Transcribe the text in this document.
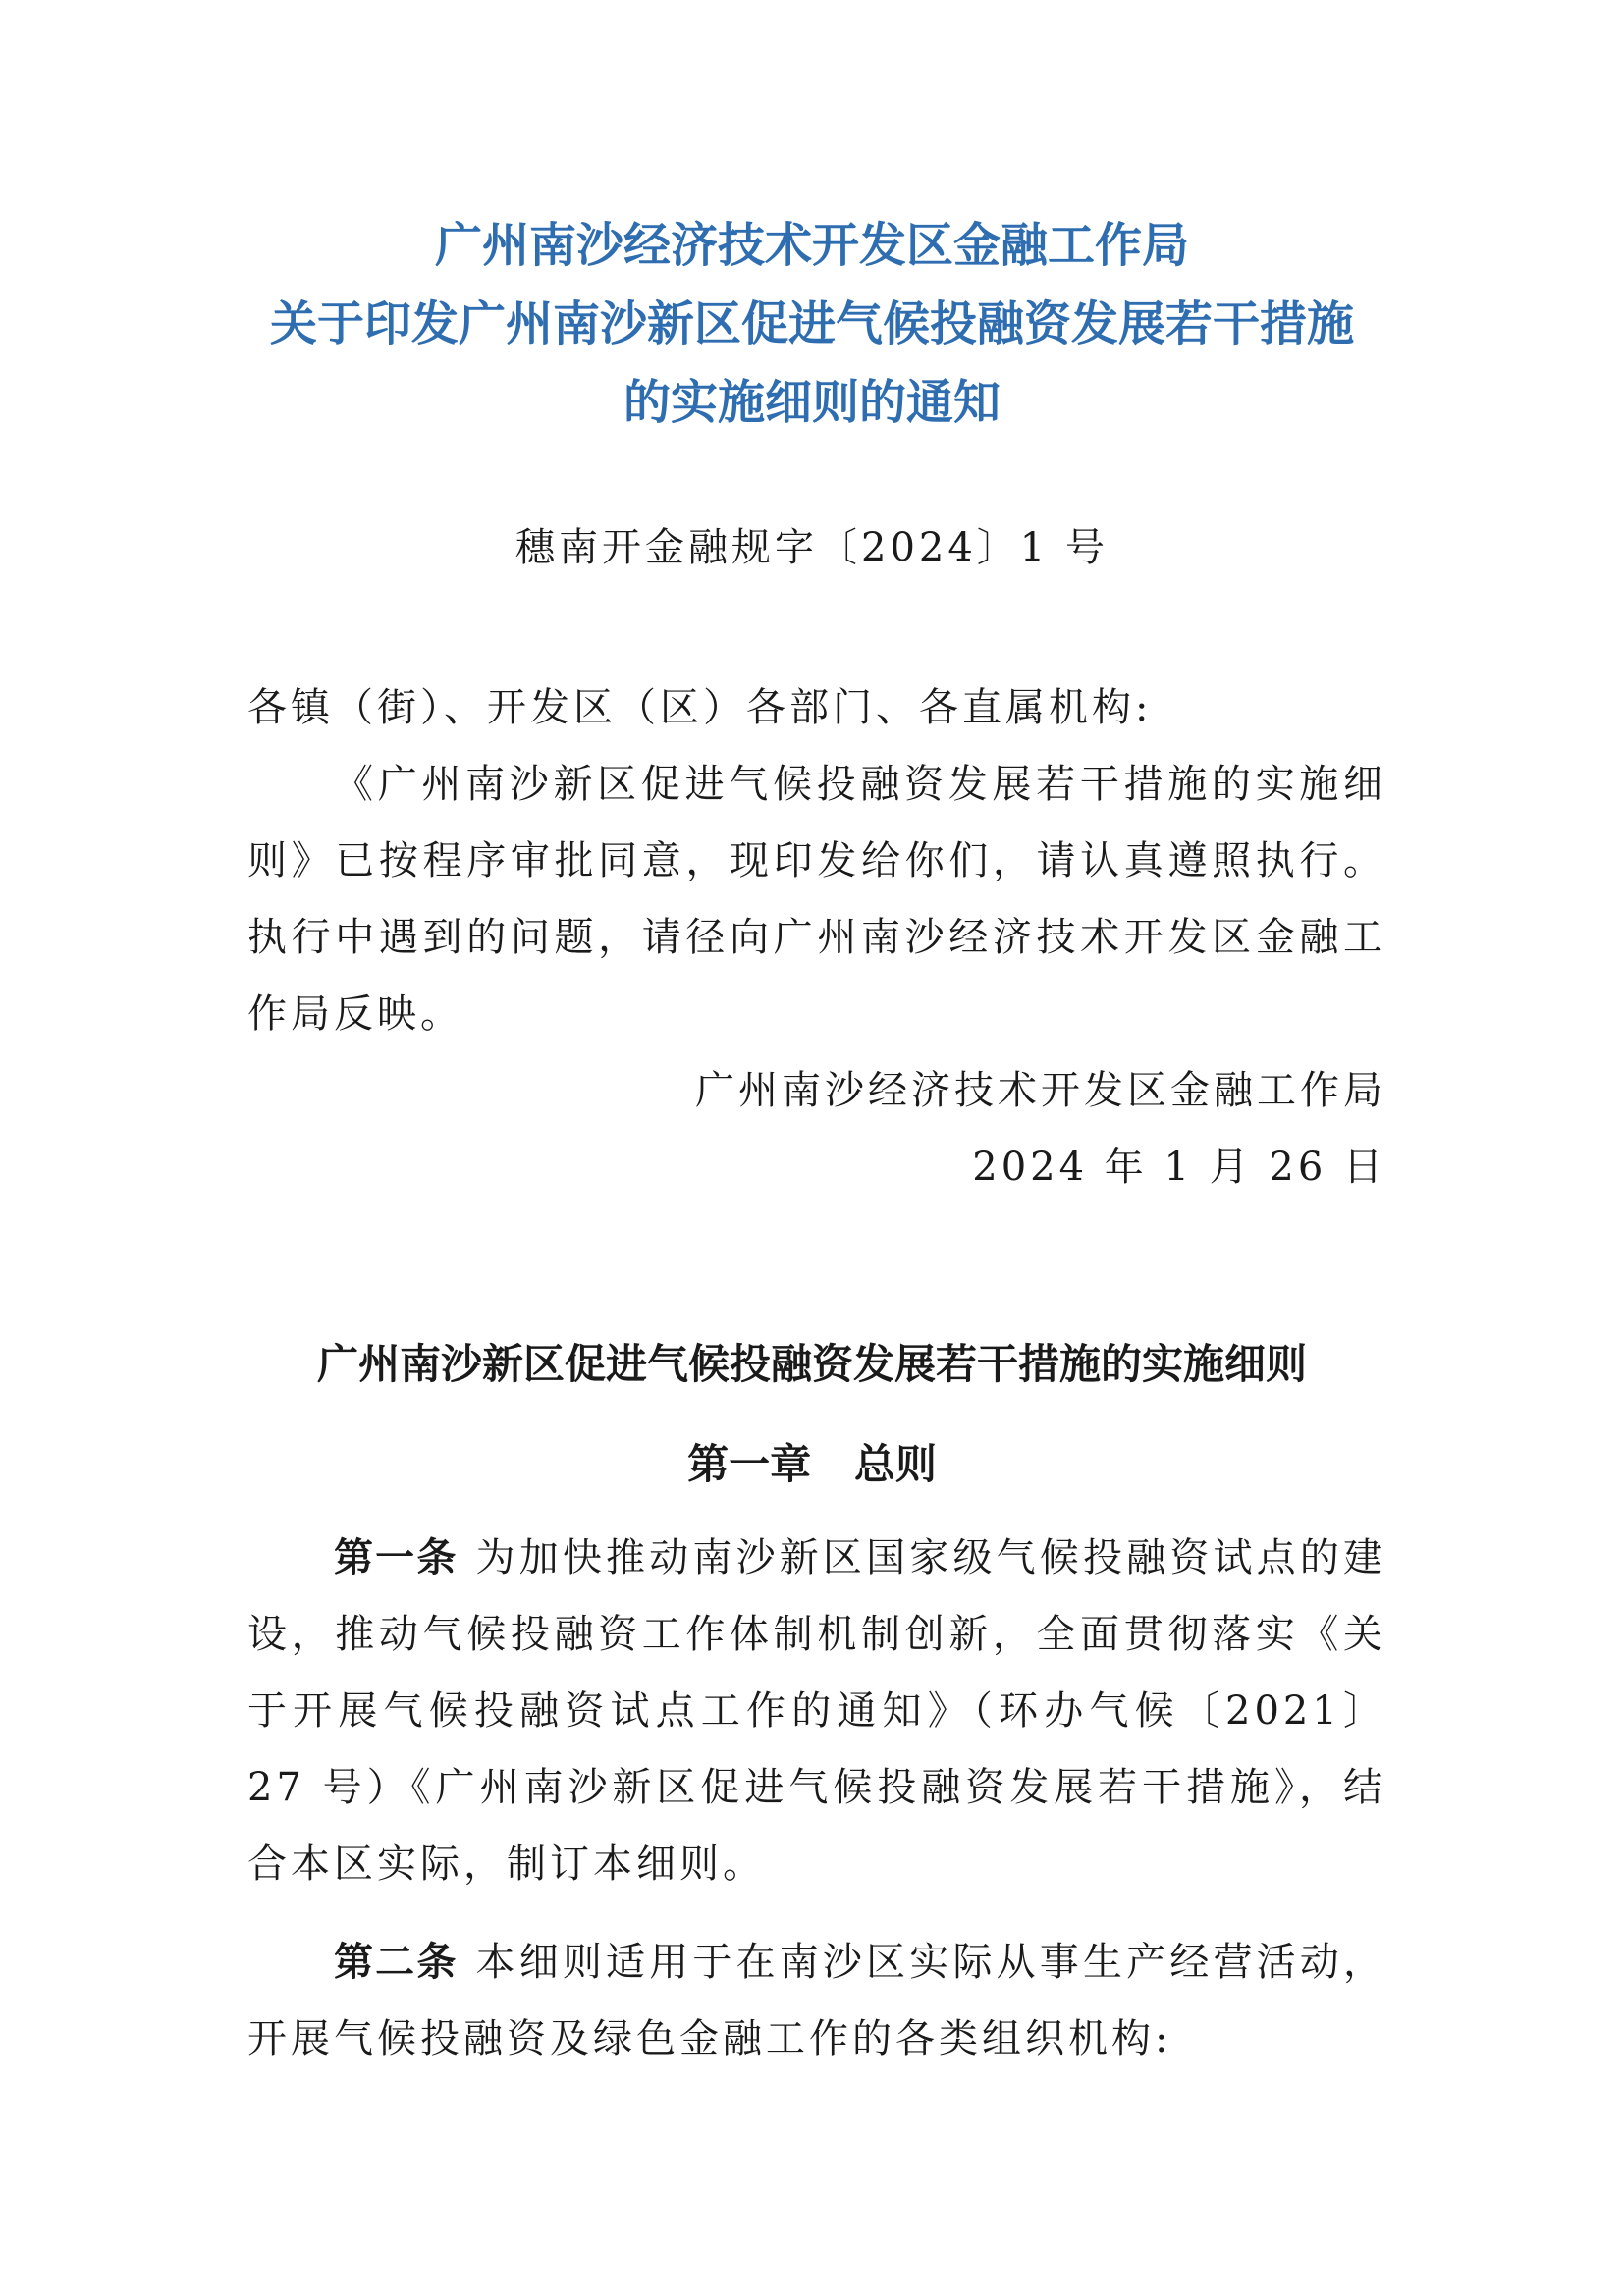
广州南沙经济技术开发区金融工作局
关于印发广州南沙新区促进气候投融资发展若干措施
的实施细则的通知
穗南开金融规字〔2024〕1 号
各镇（街）、开发区（区）各部门、各直属机构:
《广州南沙新区促进气候投融资发展若干措施的实施细则》已按程序审批同意，现印发给你们，请认真遵照执行。执行中遇到的问题，请径向广州南沙经济技术开发区金融工作局反映。
广州南沙经济技术开发区金融工作局
2024 年 1 月 26 日
广州南沙新区促进气候投融资发展若干措施的实施细则
第一章   总则
第一条 为加快推动南沙新区国家级气候投融资试点的建设，推动气候投融资工作体制机制创新，全面贯彻落实《关于开展气候投融资试点工作的通知》（环办气候〔2021〕27 号）《广州南沙新区促进气候投融资发展若干措施》，结合本区实际，制订本细则。
第二条 本细则适用于在南沙区实际从事生产经营活动，开展气候投融资及绿色金融工作的各类组织机构:
